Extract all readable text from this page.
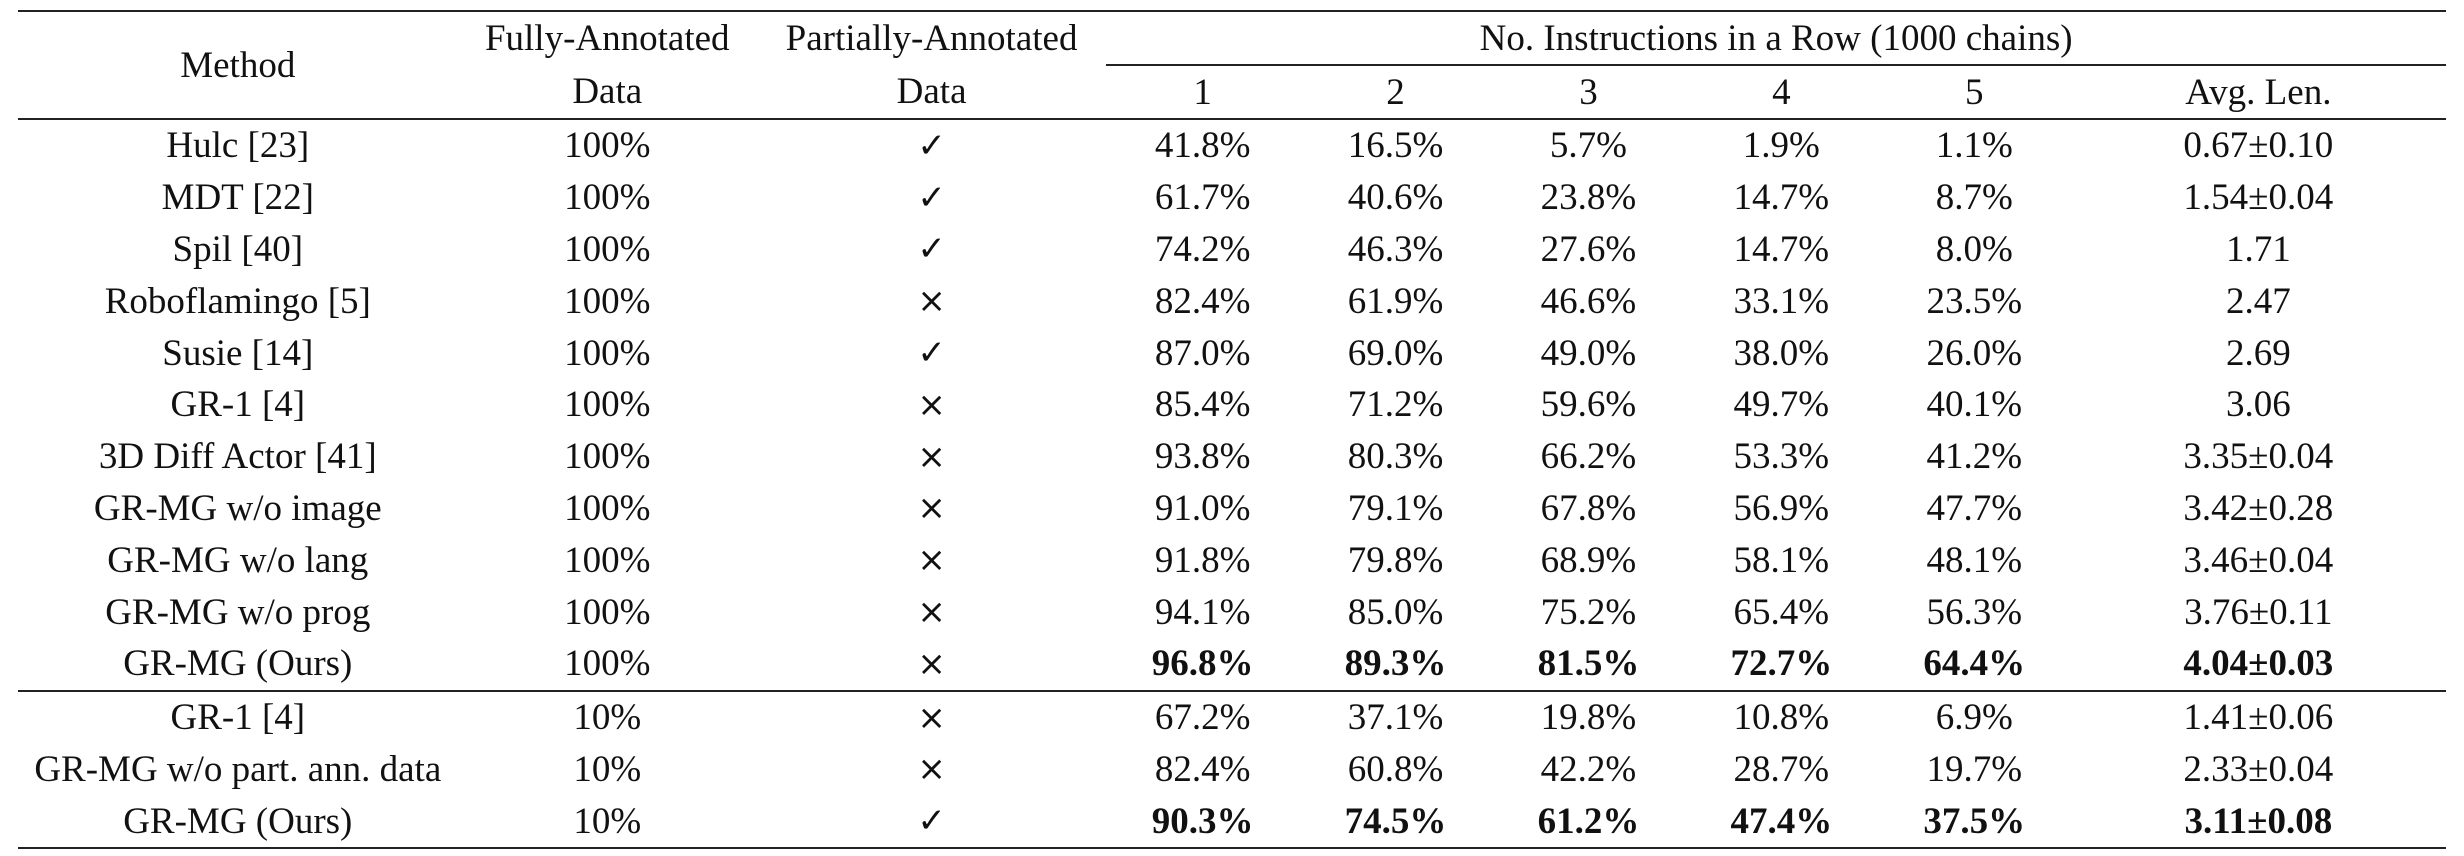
Method	Fully-Annotated	Partially-Annotated	No. Instructions in a Row (1000 chains)					
	Data	Data	1	2	3	4	5	Avg. Len.
Hulc [23]	100%	✓	41.8%	16.5%	5.7%	1.9%	1.1%	0.67±0.10
MDT [22]	100%	✓	61.7%	40.6%	23.8%	14.7%	8.7%	1.54±0.04
Spil [40]	100%	✓	74.2%	46.3%	27.6%	14.7%	8.0%	1.71
Roboflamingo [5]	100%	×	82.4%	61.9%	46.6%	33.1%	23.5%	2.47
Susie [14]	100%	✓	87.0%	69.0%	49.0%	38.0%	26.0%	2.69
GR-1 [4]	100%	×	85.4%	71.2%	59.6%	49.7%	40.1%	3.06
3D Diff Actor [41]	100%	×	93.8%	80.3%	66.2%	53.3%	41.2%	3.35±0.04
GR-MG w/o image	100%	×	91.0%	79.1%	67.8%	56.9%	47.7%	3.42±0.28
GR-MG w/o lang	100%	×	91.8%	79.8%	68.9%	58.1%	48.1%	3.46±0.04
GR-MG w/o prog	100%	×	94.1%	85.0%	75.2%	65.4%	56.3%	3.76±0.11
GR-MG (Ours)	100%	×	96.8%	89.3%	81.5%	72.7%	64.4%	4.04±0.03
GR-1 [4]	10%	×	67.2%	37.1%	19.8%	10.8%	6.9%	1.41±0.06
GR-MG w/o part. ann. data	10%	×	82.4%	60.8%	42.2%	28.7%	19.7%	2.33±0.04
GR-MG (Ours)	10%	✓	90.3%	74.5%	61.2%	47.4%	37.5%	3.11±0.08
